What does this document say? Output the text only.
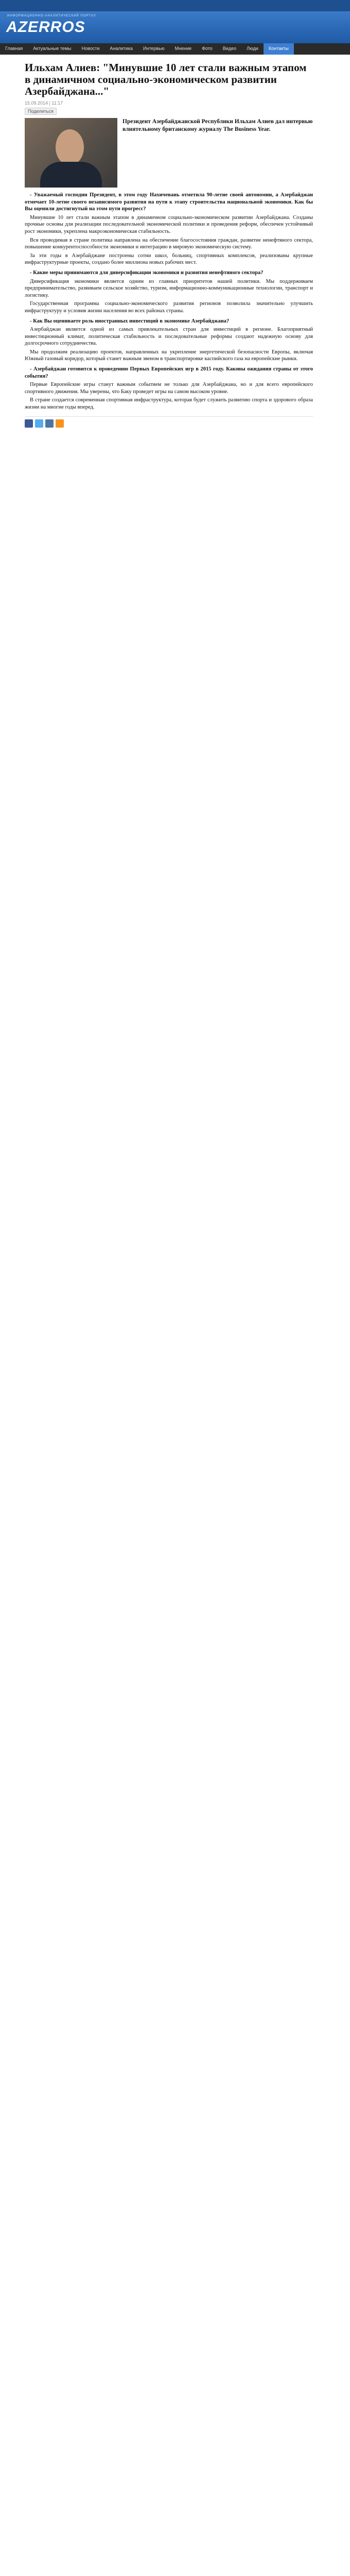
ИНФОРМАЦИОННО-АНАЛИТИЧЕСКИЙ ПОРТАЛ
AZERROS
Главная	Актуальные темы	Новости	Аналитика	Интервью	Мнение	Фото	Видео	Люди	Контакты
Ильхам Алиев: "Минувшие 10 лет стали важным этапом в динамичном социально-экономическом развитии Азербайджана..."
15.09.2014 | 11:17
Поделиться

Президент Азербайджанской Республики Ильхам Алиев дал интервью влиятельному британскому журналу The Business Year.

- Уважаемый господин Президент, в этом году Нахичевань отметила 90-летие своей автономии, а Азербайджан отмечает 10-летие своего независимого развития на пути к этапу строительства национальной экономики. Как бы Вы оценили достигнутый на этом пути прогресс?

Минувшие 10 лет стали важным этапом в динамичном социально-экономическом развитии Азербайджана. Созданы прочные основы для реализации последовательной экономической политики и проведения реформ, обеспечен устойчивый рост экономики, укреплена макроэкономическая стабильность.

Вся проводимая в стране политика направлена на обеспечение благосостояния граждан, развитие ненефтяного сектора, повышение конкурентоспособности экономики и интеграцию в мировую экономическую систему.

За эти годы в Азербайджане построены сотни школ, больниц, спортивных комплексов, реализованы крупные инфраструктурные проекты, создано более миллиона новых рабочих мест.

- Какие меры принимаются для диверсификации экономики и развития ненефтяного сектора?

Диверсификация экономики является одним из главных приоритетов нашей политики. Мы поддерживаем предпринимательство, развиваем сельское хозяйство, туризм, информационно-коммуникационные технологии, транспорт и логистику.

Государственная программа социально-экономического развития регионов позволила значительно улучшить инфраструктуру и условия жизни населения во всех районах страны.

- Как Вы оцениваете роль иностранных инвестиций в экономике Азербайджана?

Азербайджан является одной из самых привлекательных стран для инвестиций в регионе. Благоприятный инвестиционный климат, политическая стабильность и последовательные реформы создают надежную основу для долгосрочного сотрудничества.

Мы продолжим реализацию проектов, направленных на укрепление энергетической безопасности Европы, включая Южный газовый коридор, который станет важным звеном в транспортировке каспийского газа на европейские рынки.

- Азербайджан готовится к проведению Первых Европейских игр в 2015 году. Каковы ожидания страны от этого события?

Первые Европейские игры станут важным событием не только для Азербайджана, но и для всего европейского спортивного движения. Мы уверены, что Баку проведет игры на самом высоком уровне.

В стране создается современная спортивная инфраструктура, которая будет служить развитию спорта и здорового образа жизни на многие годы вперед.
